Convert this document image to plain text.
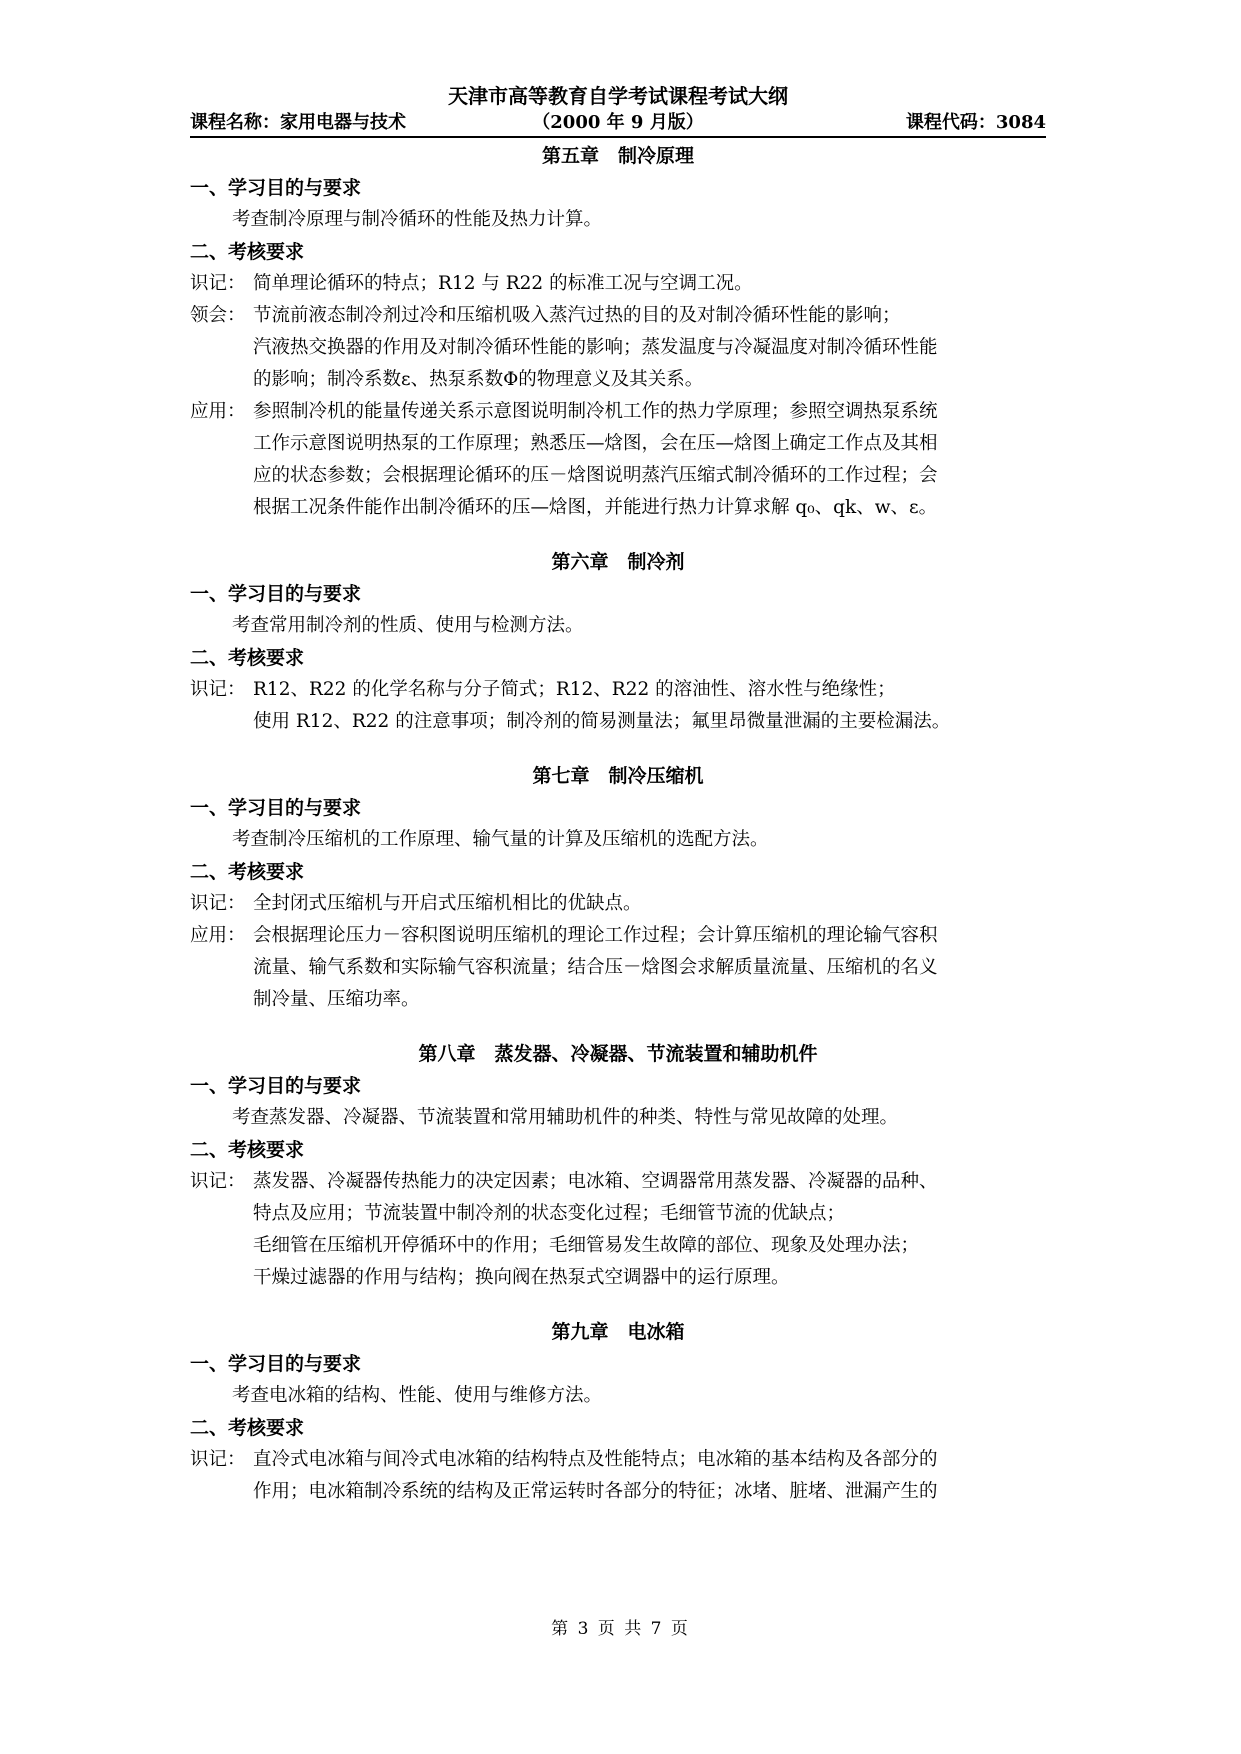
天津市高等教育自学考试课程考试大纲
课程名称：家用电器与技术	（2000 年 9 月版）	课程代码：3084
第五章　制冷原理
一、学习目的与要求
考查制冷原理与制冷循环的性能及热力计算。
二、考核要求
识记： 简单理论循环的特点；R12 与 R22 的标准工况与空调工况。
领会： 节流前液态制冷剂过冷和压缩机吸入蒸汽过热的目的及对制冷循环性能的影响；
汽液热交换器的作用及对制冷循环性能的影响；蒸发温度与冷凝温度对制冷循环性能
的影响；制冷系数ε、热泵系数Φ的物理意义及其关系。
应用： 参照制冷机的能量传递关系示意图说明制冷机工作的热力学原理；参照空调热泵系统
工作示意图说明热泵的工作原理；熟悉压—焓图，会在压—焓图上确定工作点及其相
应的状态参数；会根据理论循环的压－焓图说明蒸汽压缩式制冷循环的工作过程；会
根据工况条件能作出制冷循环的压—焓图，并能进行热力计算求解 q₀、qk、w、ε。
第六章　制冷剂
一、学习目的与要求
考查常用制冷剂的性质、使用与检测方法。
二、考核要求
识记： R12、R22 的化学名称与分子简式；R12、R22 的溶油性、溶水性与绝缘性；
使用 R12、R22 的注意事项；制冷剂的简易测量法；氟里昂微量泄漏的主要检漏法。
第七章　制冷压缩机
一、学习目的与要求
考查制冷压缩机的工作原理、输气量的计算及压缩机的选配方法。
二、考核要求
识记： 全封闭式压缩机与开启式压缩机相比的优缺点。
应用： 会根据理论压力－容积图说明压缩机的理论工作过程；会计算压缩机的理论输气容积
流量、输气系数和实际输气容积流量；结合压－焓图会求解质量流量、压缩机的名义
制冷量、压缩功率。
第八章　蒸发器、冷凝器、节流装置和辅助机件
一、学习目的与要求
考查蒸发器、冷凝器、节流装置和常用辅助机件的种类、特性与常见故障的处理。
二、考核要求
识记： 蒸发器、冷凝器传热能力的决定因素；电冰箱、空调器常用蒸发器、冷凝器的品种、
特点及应用；节流装置中制冷剂的状态变化过程；毛细管节流的优缺点；
毛细管在压缩机开停循环中的作用；毛细管易发生故障的部位、现象及处理办法；
干燥过滤器的作用与结构；换向阀在热泵式空调器中的运行原理。
第九章　电冰箱
一、学习目的与要求
考查电冰箱的结构、性能、使用与维修方法。
二、考核要求
识记： 直冷式电冰箱与间冷式电冰箱的结构特点及性能特点；电冰箱的基本结构及各部分的
作用；电冰箱制冷系统的结构及正常运转时各部分的特征；冰堵、脏堵、泄漏产生的
第 3 页 共 7 页
